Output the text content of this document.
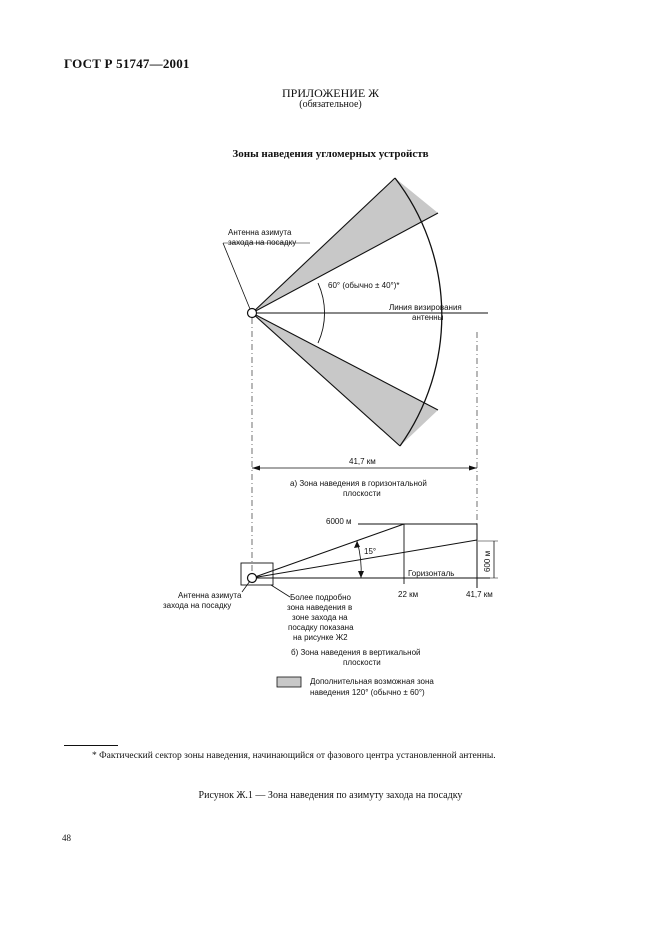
ГОСТ Р 51747—2001
ПРИЛОЖЕНИЕ Ж
(обязательное)
Зоны наведения угломерных устройств
Антенна азимута
захода на посадку
60° (обычно ± 40°)*
Линия визирования
антенны
41,7 км
а) Зона наведения в горизонтальной
плоскости
6000 м
15°	600 м
Горизонталь
22 км	41,7 км
Антенна азимута
захода на посадку
Более подробно
зона наведения в
зоне захода на
посадку показана
на рисунке Ж2
б) Зона наведения в вертикальной
плоскости
Дополнительная возможная зона
наведения 120° (обычно ± 60°)
* Фактический сектор зоны наведения, начинающийся от фазового центра установленной антенны.
Рисунок Ж.1 — Зона наведения по азимуту захода на посадку
48
